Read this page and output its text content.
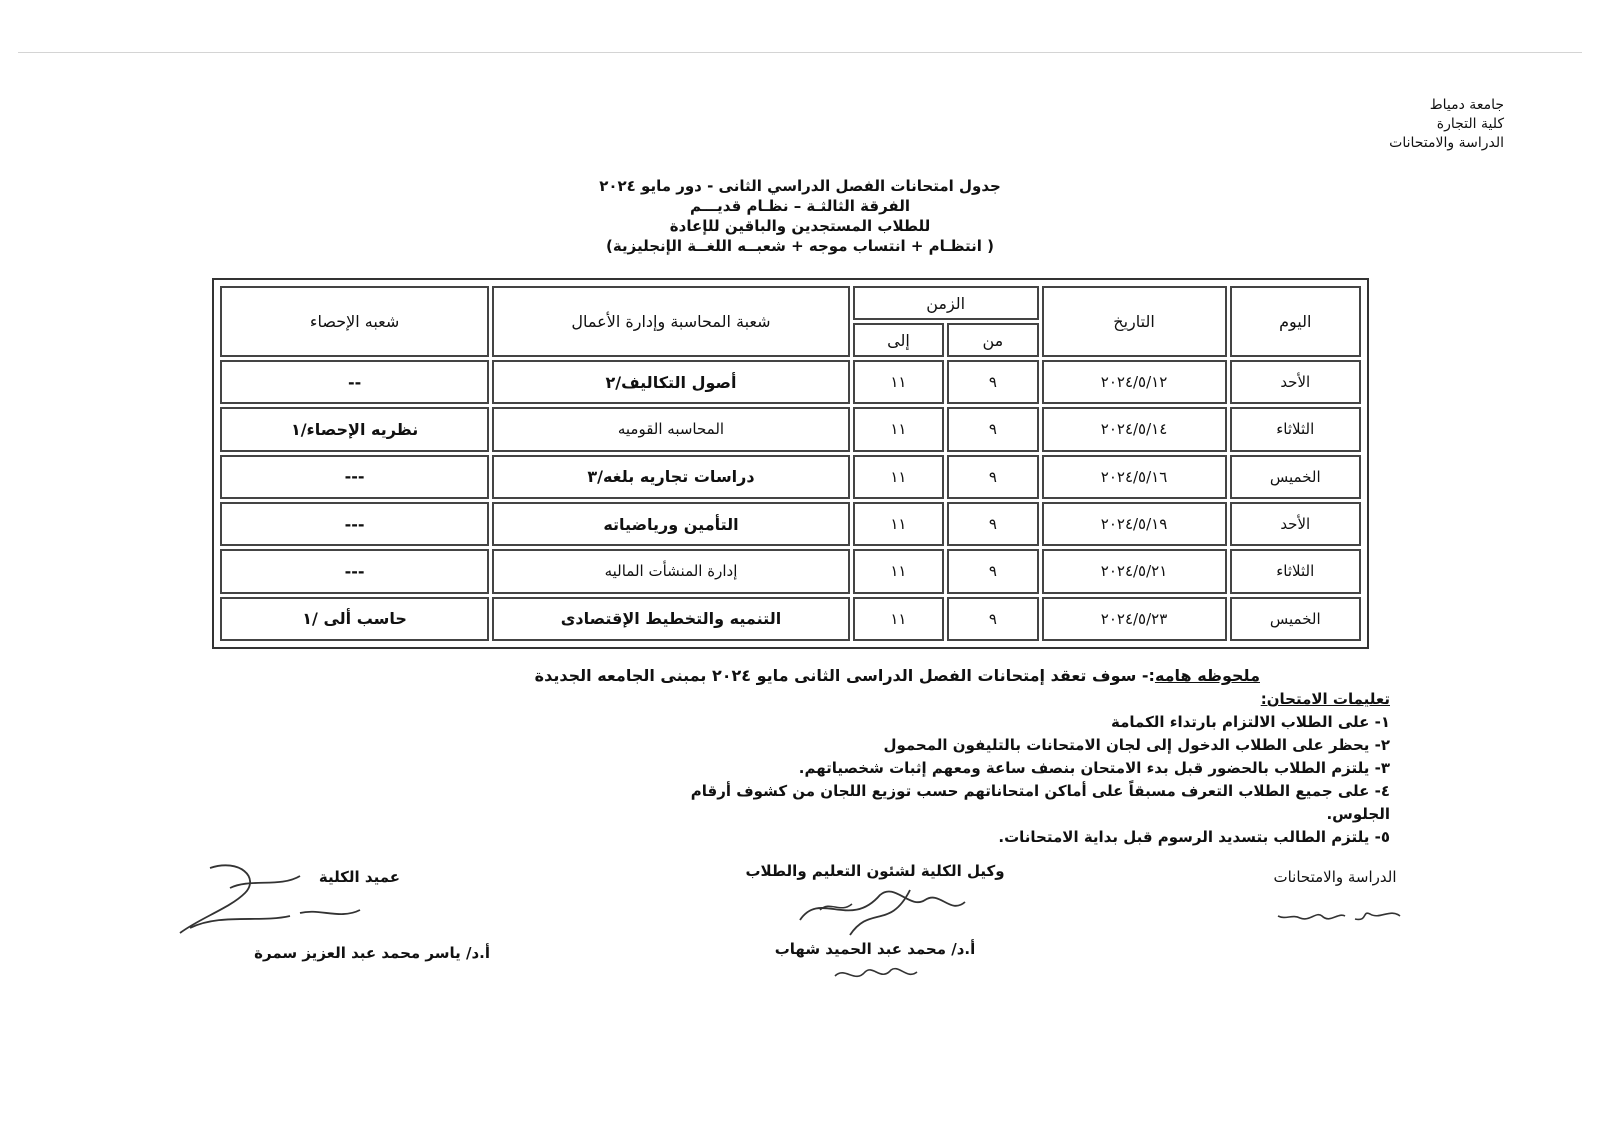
جامعة دمياط
كلية التجارة
الدراسة والامتحانات
جدول امتحانات الفصل الدراسي الثانى - دور مايو ٢٠٢٤
الفرقة الثالثـة – نظـام قديـــم
للطلاب المستجدين والباقين للإعادة
( انتظـام + انتساب موجه + شعبــه اللغــة الإنجليزية)
اليوم	التاريخ	الزمن		شعبة المحاسبة وإدارة الأعمال	شعبه الإحصاء
		من	إلى		
الأحد	٢٠٢٤/٥/١٢	٩	١١	أصول التكاليف/٢	--
الثلاثاء	٢٠٢٤/٥/١٤	٩	١١	المحاسبه القوميه	نظريه الإحصاء/١
الخميس	٢٠٢٤/٥/١٦	٩	١١	دراسات تجاريه بلغه/٣	---
الأحد	٢٠٢٤/٥/١٩	٩	١١	التأمين ورياضياته	---
الثلاثاء	٢٠٢٤/٥/٢١	٩	١١	إدارة المنشأت الماليه	---
الخميس	٢٠٢٤/٥/٢٣	٩	١١	التنميه والتخطيط الإقتصادى	حاسب ألى /١
ملحوظه هامه:- سوف تعقد إمتحانات الفصل الدراسى الثانى مايو ٢٠٢٤ بمبنى الجامعه الجديدة
تعليمات الامتحان:
١- على الطلاب الالتزام بارتداء الكمامة
٢- يحظر على الطلاب الدخول إلى لجان الامتحانات بالتليفون المحمول
٣- يلتزم الطلاب بالحضور قبل بدء الامتحان بنصف ساعة ومعهم إثبات شخصياتهم.
٤- على جميع الطلاب التعرف مسبقاً على أماكن امتحاناتهم حسب توزيع اللجان من كشوف أرقام الجلوس.
٥- يلتزم الطالب بتسديد الرسوم قبل بداية الامتحانات.
الدراسة والامتحانات
وكيل الكلية لشئون التعليم والطلاب
أ.د/ محمد عبد الحميد شهاب
عميد الكلية
أ.د/ ياسر محمد عبد العزيز سمرة
